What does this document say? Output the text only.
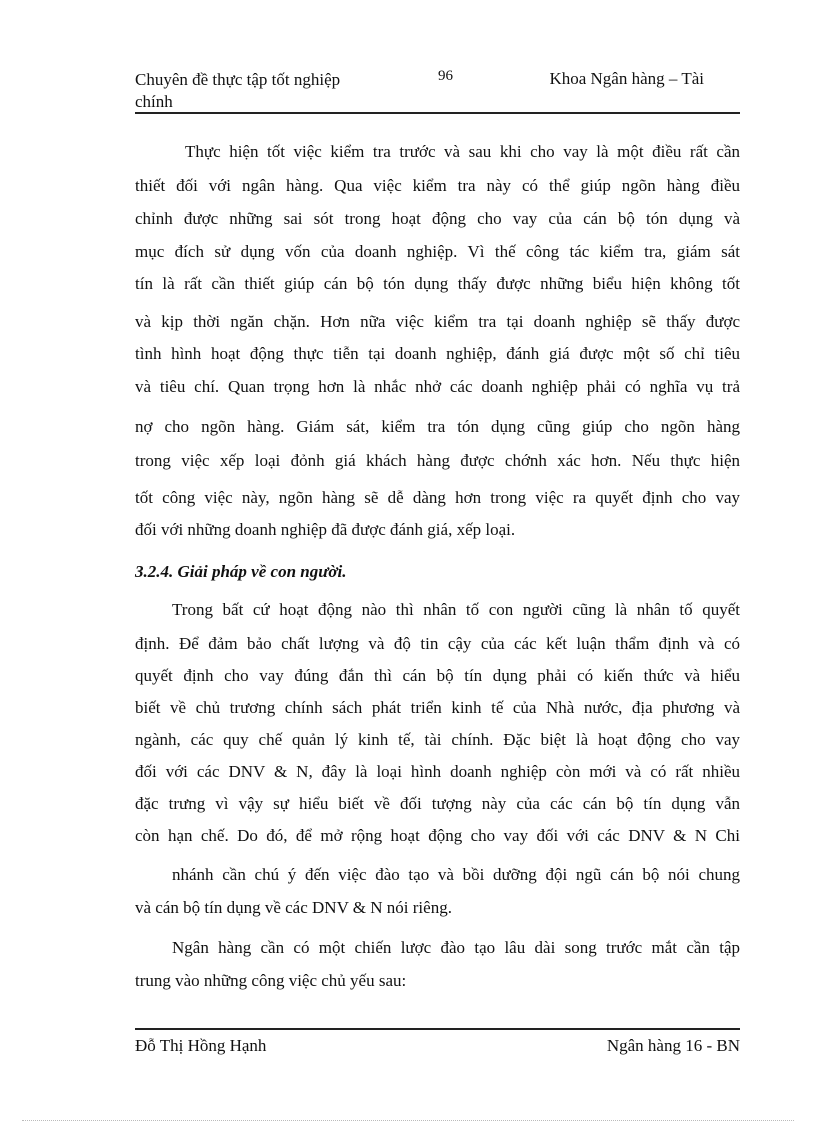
Chuyên đề thực tập tốt nghiệp
chính
96	Khoa Ngân hàng – Tài
Thực hiện tốt việc kiểm tra trước và sau khi cho vay là một điều rất cần
thiết đối với ngân hàng. Qua việc kiểm tra này có thể giúp ngõn hàng điều
chỉnh được những sai sót trong hoạt động cho vay của cán bộ tón dụng và
mục đích sử dụng vốn của doanh nghiệp. Vì thế công tác kiểm tra, giám sát
tín là rất cần thiết giúp cán bộ tón dụng thấy được những biểu hiện không tốt
và kịp thời ngăn chặn. Hơn nữa việc kiểm tra tại doanh nghiệp sẽ thấy được
tình hình hoạt động thực tiễn tại doanh nghiệp, đánh giá được một số chỉ tiêu
và tiêu chí. Quan trọng hơn là nhắc nhở các doanh nghiệp phải có nghĩa vụ trả
nợ cho ngõn hàng. Giám sát, kiểm tra tón dụng cũng giúp cho ngõn hàng
trong việc xếp loại đỏnh giá khách hàng được chớnh xác hơn. Nếu thực hiện
tốt công việc này, ngõn hàng sẽ dễ dàng hơn trong việc ra quyết định cho vay
đối với những doanh nghiệp đã được đánh giá, xếp loại.
3.2.4. Giải pháp về con người.
Trong bất cứ hoạt động nào thì nhân tố con người cũng là nhân tố quyết
định. Để đảm bảo chất lượng và độ tin cậy của các kết luận thẩm định và có
quyết định cho vay đúng đắn thì cán bộ tín dụng phải có kiến thức và hiểu
biết về chủ trương chính sách phát triển kinh tế của Nhà nước, địa phương và
ngành, các quy chế quản lý kinh tế, tài chính. Đặc biệt là hoạt động cho vay
đối với các DNV & N, đây là loại hình doanh nghiệp còn mới và có rất nhiều
đặc trưng vì vậy sự hiểu biết về đối tượng này của các cán bộ tín dụng vẫn
còn hạn chế. Do đó, để mở rộng hoạt động cho vay đối với các DNV & N Chi
nhánh cần chú ý đến việc đào tạo và bồi dưỡng đội ngũ cán bộ nói chung
và cán bộ tín dụng về các DNV & N nói riêng.
Ngân hàng cần có một chiến lược đào tạo lâu dài song trước mắt cần tập
trung vào những công việc chủ yếu sau:
Đỗ Thị Hồng Hạnh	Ngân hàng 16 - BN
